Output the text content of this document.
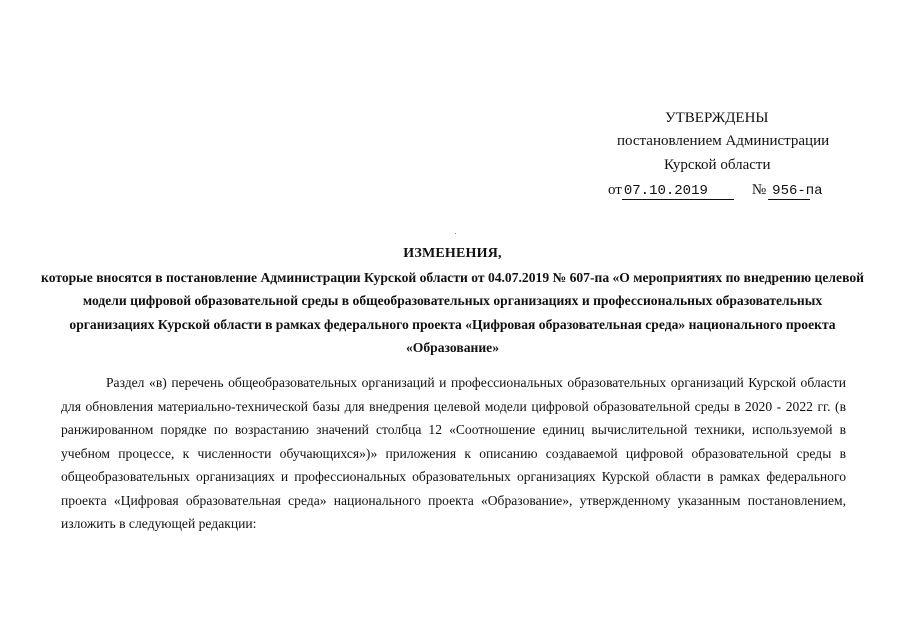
УТВЕРЖДЕНЫ
постановлением Администрации
Курской области
от 07.10.2019	№ 956-па
ИЗМЕНЕНИЯ,
которые вносятся в постановление Администрации Курской области от 04.07.2019 № 607-па «О мероприятиях по внедрению целевой модели цифровой образовательной среды в общеобразовательных организациях и профессиональных образовательных организациях Курской области в рамках федерального проекта «Цифровая образовательная среда» национального проекта «Образование»
Раздел «в) перечень общеобразовательных организаций и профессиональных образовательных организаций Курской области для обновления материально-технической базы для внедрения целевой модели цифровой образовательной среды в 2020 - 2022 гг. (в ранжированном порядке по возрастанию значений столбца 12 «Соотношение единиц вычислительной техники, используемой в учебном процессе, к численности обучающихся»)» приложения к описанию создаваемой цифровой образовательной среды в общеобразовательных организациях и профессиональных образовательных организациях Курской области в рамках федерального проекта «Цифровая образовательная среда» национального проекта «Образование», утвержденному указанным постановлением, изложить в следующей редакции:
